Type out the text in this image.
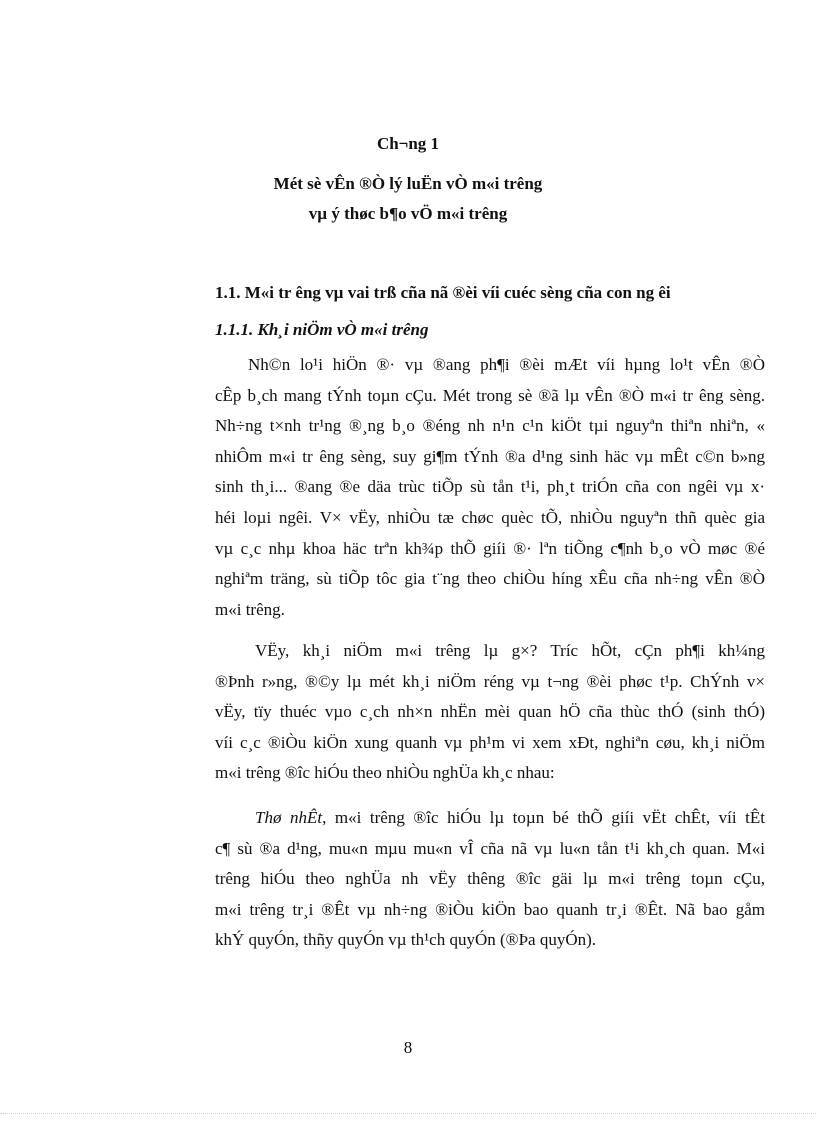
Ch¬ng 1
Mét sè vÊn ®Ò lý luËn vÒ m«i trêng
vµ ý thøc b¶o vÖ m«i trêng
1.1. M«i tr êng vµ vai trß cña nã ®èi víi cuéc sèng cña con ng êi
1.1.1. Kh¸i niÖm vÒ m«i trêng
Nh©n lo¹i hiÖn ®· vµ ®ang ph¶i ®èi mÆt víi hµng lo¹t vÊn ®Ò
cÊp b¸ch mang tÝnh toµn cÇu. Mét trong sè ®ã lµ vÊn ®Ò m«i tr êng sèng.
Nh÷ng t×nh tr¹ng ®¸ng b¸o ®éng nh n¹n c¹n kiÖt tµi nguyªn thiªn nhiªn, «
nhiÔm m«i tr êng sèng, suy gi¶m tÝnh ®a d¹ng sinh häc vµ mÊt c©n b»ng
sinh th¸i... ®ang ®e däa trùc tiÕp sù tån t¹i, ph¸t triÓn cña con ngêi vµ x·
héi loµi ngêi. V× vËy, nhiÒu tæ chøc quèc tÕ, nhiÒu nguyªn thñ quèc gia
vµ c¸c nhµ khoa häc trªn kh¾p thÕ giíi ®· lªn tiÕng c¶nh b¸o vÒ møc ®é
nghiªm träng, sù tiÕp tôc gia t¨ng theo chiÒu híng xÊu cña nh÷ng vÊn ®Ò
m«i trêng.
VËy, kh¸i niÖm m«i trêng lµ g×? Tríc hÕt, cÇn ph¶i kh¼ng
®Þnh r»ng, ®©y lµ mét kh¸i niÖm réng vµ t¬ng ®èi phøc t¹p. ChÝnh v×
vËy, tïy thuéc vµo c¸ch nh×n nhËn mèi quan hÖ cña thùc thÓ (sinh thÓ)
víi c¸c ®iÒu kiÖn xung quanh vµ ph¹m vi xem xÐt, nghiªn cøu, kh¸i niÖm
m«i trêng ®îc hiÓu theo nhiÒu nghÜa kh¸c nhau:
Thø nhÊt, m«i trêng ®îc hiÓu lµ toµn bé thÕ giíi vËt chÊt, víi tÊt
c¶ sù ®a d¹ng, mu«n mµu mu«n vÎ cña nã vµ lu«n tån t¹i kh¸ch quan. M«i
trêng hiÓu theo nghÜa nh vËy thêng ®îc gäi lµ m«i trêng toµn cÇu,
m«i trêng tr¸i ®Êt vµ nh÷ng ®iÒu kiÖn bao quanh tr¸i ®Êt. Nã bao gåm
khÝ quyÓn, thñy quyÓn vµ th¹ch quyÓn (®Þa quyÓn).
8
